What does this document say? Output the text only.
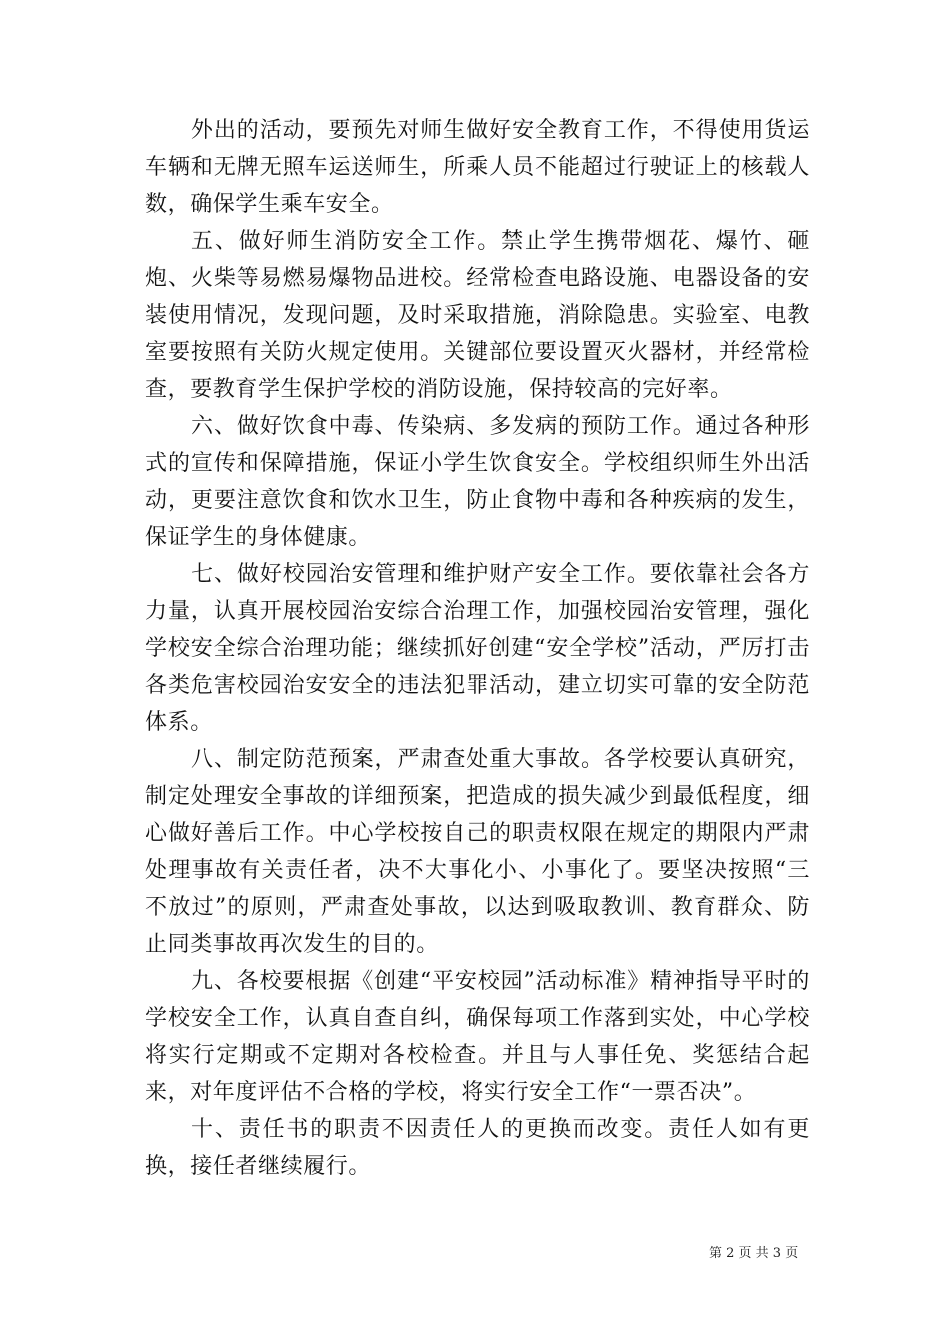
　　外出的活动，要预先对师生做好安全教育工作，不得使用货运车辆和无牌无照车运送师生，所乘人员不能超过行驶证上的核载人数，确保学生乘车安全。

五、做好师生消防安全工作。禁止学生携带烟花、爆竹、砸炮、火柴等易燃易爆物品进校。经常检查电路设施、电器设备的安装使用情况，发现问题，及时采取措施，消除隐患。实验室、电教室要按照有关防火规定使用。关键部位要设置灭火器材，并经常检查，要教育学生保护学校的消防设施，保持较高的完好率。

六、做好饮食中毒、传染病、多发病的预防工作。通过各种形式的宣传和保障措施，保证小学生饮食安全。学校组织师生外出活动，更要注意饮食和饮水卫生，防止食物中毒和各种疾病的发生，保证学生的身体健康。

七、做好校园治安管理和维护财产安全工作。要依靠社会各方力量，认真开展校园治安综合治理工作，加强校园治安管理，强化学校安全综合治理功能；继续抓好创建“安全学校”活动，严厉打击各类危害校园治安安全的违法犯罪活动，建立切实可靠的安全防范体系。

八、制定防范预案，严肃查处重大事故。各学校要认真研究，制定处理安全事故的详细预案，把造成的损失减少到最低程度，细心做好善后工作。中心学校按自己的职责权限在规定的期限内严肃处理事故有关责任者，决不大事化小、小事化了。要坚决按照“三不放过”的原则，严肃查处事故，以达到吸取教训、教育群众、防止同类事故再次发生的目的。

九、各校要根据《创建“平安校园”活动标准》精神指导平时的学校安全工作，认真自查自纠，确保每项工作落到实处，中心学校将实行定期或不定期对各校检查。并且与人事任免、奖惩结合起来，对年度评估不合格的学校，将实行安全工作“一票否决”。

十、责任书的职责不因责任人的更换而改变。责任人如有更换，接任者继续履行。

第 2 页 共 3 页
